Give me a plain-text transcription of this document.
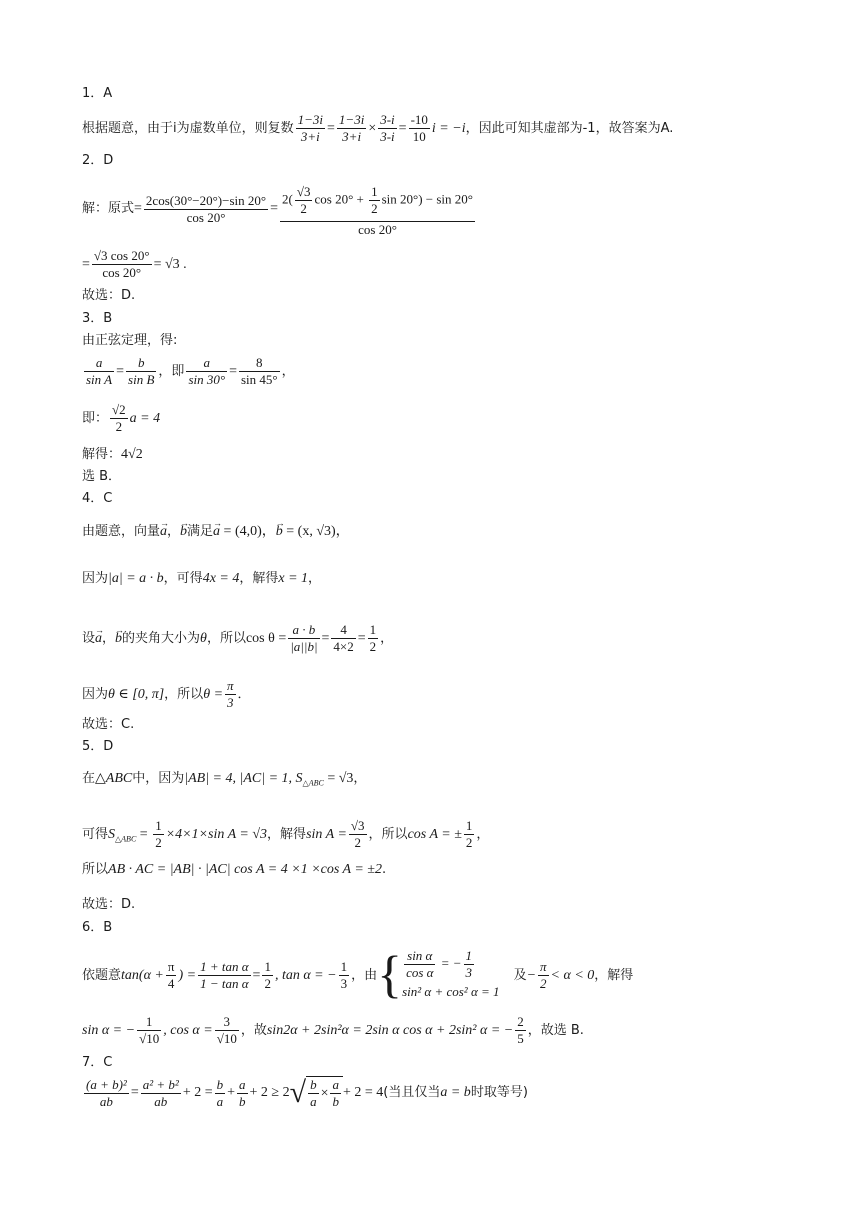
1．A
根据题意，由于i为虚数单位，则复数 $\frac{1-3i}{3+i} = \frac{1-3i}{3+i} \times \frac{3-i}{3-i} = \frac{-10}{10}$ i = −i，因此可知其虚部为-1，故答案为A.
2．D
解：原式= $\frac{2\cos(30^\circ-20^\circ)-\sin 20^\circ}{\cos 20^\circ} = \frac{2( \frac{√3}{2} \cos 20^\circ + \frac{1}{2} \sin 20^\circ) - \sin 20^\circ}{\cos 20^\circ}$
= $\frac{√3 \cos 20^\circ}{\cos 20^\circ} = √3$ .
故选：D.
3．B
由正弦定理，得:
$\frac{a}{\text{sin A}} = \frac{b}{\text{sin B}}$ ，即 $\frac{a}{\sin 30^\circ} = \frac{8}{\sin 45^\circ}$ ，
即： $\frac{√2}{2}$ a = 4
解得：4√2
选 B．
4．C
由题意，向量→ a，→ b满足→ a = (4,0)，→ b = (x, √3)，
因为|a| = a · b，可得4x = 4，解得x = 1，
设→ a，→ b的夹角大小为θ，所以$\cos \theta = \frac{a \cdot b}{|a||b|} = \frac{4}{4\times 2} = \frac{1}{2}$ ，
因为θ ∈ [0, π]，所以$\theta = \frac{\pi}{3}$ ．
故选：C.
5．D
在△ABC中，因为|AB| = 4, |AC| = 1, $S_{\triangle ABC} = √3$，
可得$S_{\triangle ABC} = \frac{1}{2} \times 4\times 1\times\sin$ A = √3，解得$\sin A = \frac{√3}{2}$ ，所以cos A = ± $\frac{1}{2}$ ，
所以AB · AC = |AB| · |AC| cos A = 4 ×1 ×cos A = ±2.
故选：D.
6．B
依题意$\tan(\alpha + \frac{\pi}{4}$ ) = $\frac{\text{1 + tan α}}{\text{1 − tan α}} = \frac{1}{2}$ , tan α = − $\frac{1}{3}$ ，由{ $\frac{\text{sin α}}{\text{cos α}}$ = − $\frac{1}{3}$
sin² α + cos² α = 1
及− $\frac{\pi}{2} < \alpha < 0$，解得
sin α = − $\frac{1}{√10}$ , $\cos \alpha = \frac{3}{√10}$ ，故sin2α + 2sin²α = 2sin α cos α + 2sin² α = − $\frac{2}{5}$ ，故选 B.
7．C
$\frac{\text{(a + b)²}}{ab} = \frac{\text{a² + b²}}{ab} + 2 = \frac{b}{a} + \frac{a}{b} + 2 \ge 2√ \frac{b}{a} \times \frac{a}{b} + 2 = 4$(当且仅当a = b时取等号)
